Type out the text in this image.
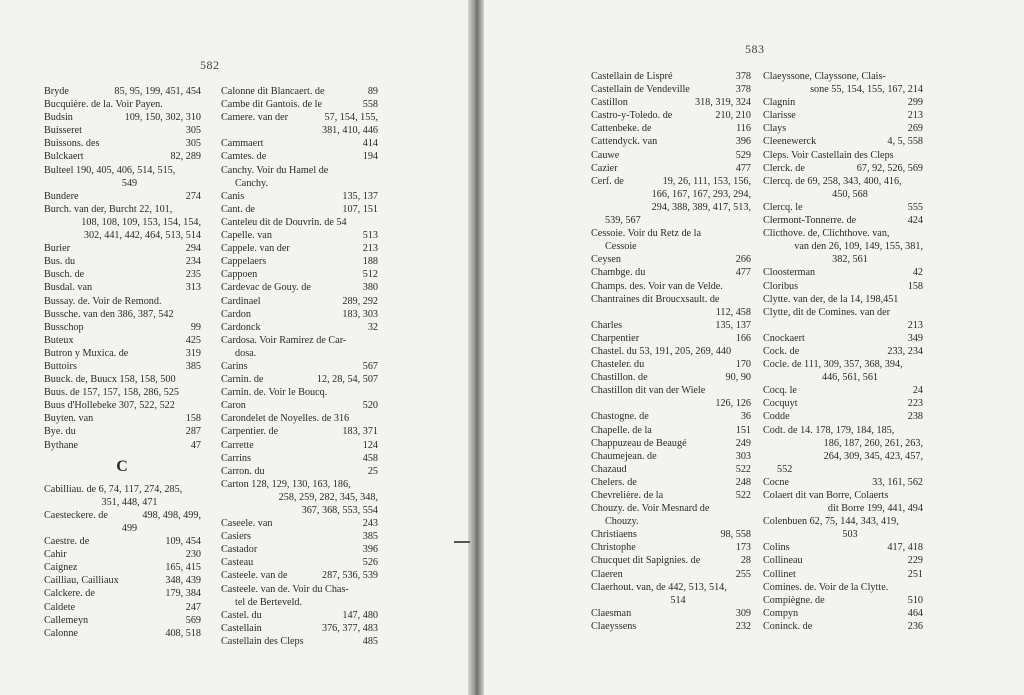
582
Bryde	85, 95, 199, 451, 454
Bucquière. de la. Voir Payen.
Budsin	109, 150, 302, 310
Buisseret	305
Buissons. des	305
Bulckaert	82, 289
Bulteel 190, 405, 406, 514, 515,
549
Bundere	274
Burch. van der, Burcht 22, 101,
108, 108, 109, 153, 154, 154,
302, 441, 442, 464, 513, 514
Burier	294
Bus. du	234
Busch. de	235
Busdal. van	313
Bussay. de. Voir de Remond.
Bussche. van den 386, 387, 542
Busschop	99
Buteux	425
Butron y Muxica. de	319
Buttoirs	385
Buuck. de, Buucx 158, 158, 500
Buus. de 157, 157, 158, 286, 525
Buus d'Hollebeke 307, 522, 522
Buyten. van	158
Bye. du	287
Bythane	47
C
Cabilliau. de 6, 74, 117, 274, 285,
351, 448, 471
Caesteckere. de	498, 498, 499,
499
Caestre. de	109, 454
Cahir	230
Caignez	165, 415
Cailliau, Cailliaux	348, 439
Calckere. de	179, 384
Caldete	247
Callemeyn	569
Calonne	408, 518
Calonne dit Blancaert. de	89
Cambe dit Gantois. de le	558
Camere. van der	57, 154, 155,
381, 410, 446
Cammaert	414
Camtes. de	194
Canchy. Voir du Hamel de
Canchy.
Canis	135, 137
Cant. de	107, 151
Canteleu dit de Douvrin. de 54
Capelle. van	513
Cappele. van der	213
Cappelaers	188
Cappoen	512
Cardevac de Gouy. de	380
Cardinael	289, 292
Cardon	183, 303
Cardonck	32
Cardosa. Voir Ramirez de Car-
dosa.
Carins	567
Carnin. de	12, 28, 54, 507
Carnin. de. Voir le Boucq.
Caron	520
Carondelet de Noyelles. de 316
Carpentier. de	183, 371
Carrette	124
Carrins	458
Carron. du	25
Carton 128, 129, 130, 163, 186,
258, 259, 282, 345, 348,
367, 368, 553, 554
Caseele. van	243
Casiers	385
Castador	396
Casteau	526
Casteele. van de	287, 536, 539
Casteele. van de. Voir du Chas-
tel de Berteveld.
Castel. du	147, 480
Castellain	376, 377, 483
Castellain des Cleps	485
583
Castellain de Lispré	378
Castellain de Vendeville	378
Castillon	318, 319, 324
Castro-y-Toledo. de	210, 210
Cattenbeke. de	116
Cattendyck. van	396
Cauwe	529
Cazier	477
Cerf. de	19, 26, 111, 153, 156,
166, 167, 167, 293, 294,
294, 388, 389, 417, 513,
539, 567
Cessoie. Voir du Retz de la
Cessoie
Ceysen	266
Chambge. du	477
Champs. des. Voir van de Velde.
Chantraines dit Broucxsault. de
112, 458
Charles	135, 137
Charpentier	166
Chastel. du 53, 191, 205, 269, 440
Chasteler. du	170
Chastillon. de	90, 90
Chastillon dit van der Wiele
126, 126
Chastogne. de	36
Chapelle. de la	151
Chappuzeau de Beaugé	249
Chaumejean. de	303
Chazaud	522
Chelers. de	248
Chevrelière. de la	522
Chouzy. de. Voir Mesnard de
Chouzy.
Christiaens	98, 558
Christophe	173
Chucquet dit Sapignies. de	28
Claeren	255
Claerhout. van, de 442, 513, 514,
514
Claesman	309
Claeyssens	232
Claeyssone, Clayssone, Clais-
sone 55, 154, 155, 167, 214
Clagnin	299
Clarisse	213
Clays	269
Cleenewerck	4, 5, 558
Cleps. Voir Castellain des Cleps
Clerck. de	67, 92, 526, 569
Clercq. de 69, 258, 343, 400, 416,
450, 568
Clercq. le	555
Clermont-Tonnerre. de	424
Clicthove. de, Clichthove. van,
van den 26, 109, 149, 155, 381,
382, 561
Cloosterman	42
Cloribus	158
Clytte. van der, de la 14, 198,451
Clytte, dit de Comines. van der
213
Cnockaert	349
Cock. de	233, 234
Cocle. de 111, 309, 357, 368, 394,
446, 561, 561
Cocq. le	24
Cocquyt	223
Codde	238
Codt. de 14. 178, 179, 184, 185,
186, 187, 260, 261, 263,
264, 309, 345, 423, 457,
552
Cocne	33, 161, 562
Colaert dit van Borre, Colaerts
dit Borre 199, 441, 494
Colenbuen 62, 75, 144, 343, 419,
503
Colins	417, 418
Collineau	229
Collinet	251
Comines. de. Voir de la Clytte.
Compiègne. de	510
Compyn	464
Coninck. de	236
